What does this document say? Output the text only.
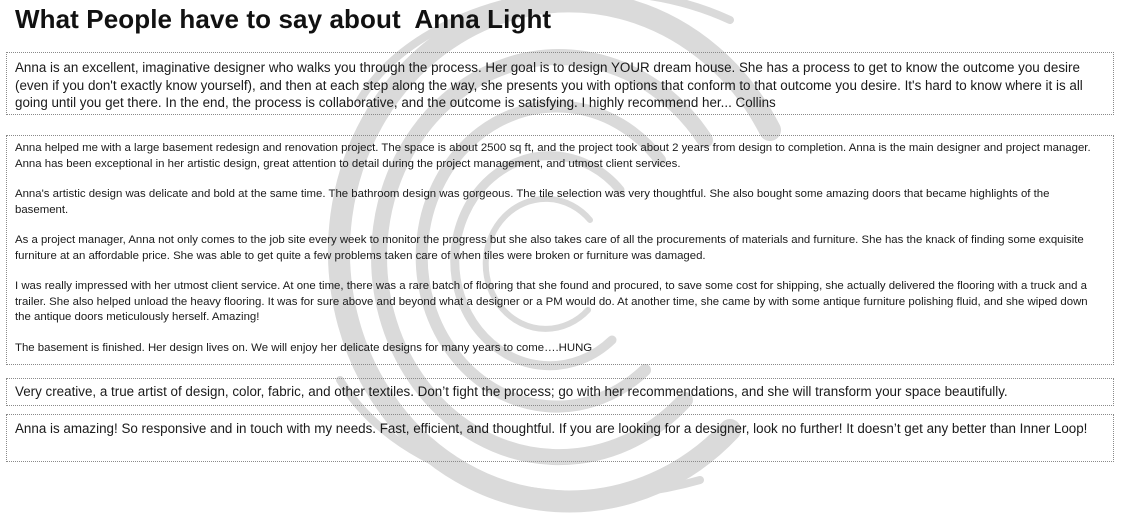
What People have to say about  Anna Light

Anna is an excellent, imaginative designer who walks you through the process. Her goal is to design YOUR dream house. She has a process to get to know the outcome you desire (even if you don't exactly know yourself), and then at each step along the way, she presents you with options that conform to that outcome you desire. It's hard to know where it is all going until you get there. In the end, the process is collaborative, and the outcome is satisfying. I highly recommend her... Collins

Anna helped me with a large basement redesign and renovation project. The space is about 2500 sq ft, and the project took about 2 years from design to completion. Anna is the main designer and project manager. Anna has been exceptional in her artistic design, great attention to detail during the project management, and utmost client services.

Anna's artistic design was delicate and bold at the same time. The bathroom design was gorgeous. The tile selection was very thoughtful. She also bought some amazing doors that became highlights of the basement.

As a project manager, Anna not only comes to the job site every week to monitor the progress but she also takes care of all the procurements of materials and furniture. She has the knack of finding some exquisite furniture at an affordable price. She was able to get quite a few problems taken care of when tiles were broken or furniture was damaged.

I was really impressed with her utmost client service. At one time, there was a rare batch of flooring that she found and procured, to save some cost for shipping, she actually delivered the flooring with a truck and a trailer. She also helped unload the heavy flooring. It was for sure above and beyond what a designer or a PM would do. At another time, she came by with some antique furniture polishing fluid, and she wiped down the antique doors meticulously herself. Amazing!

The basement is finished. Her design lives on. We will enjoy her delicate designs for many years to come….HUNG

Very creative, a true artist of design, color, fabric, and other textiles. Don’t fight the process; go with her recommendations, and she will transform your space beautifully.

Anna is amazing! So responsive and in touch with my needs. Fast, efficient, and thoughtful. If you are looking for a designer, look no further! It doesn’t get any better than Inner Loop!
